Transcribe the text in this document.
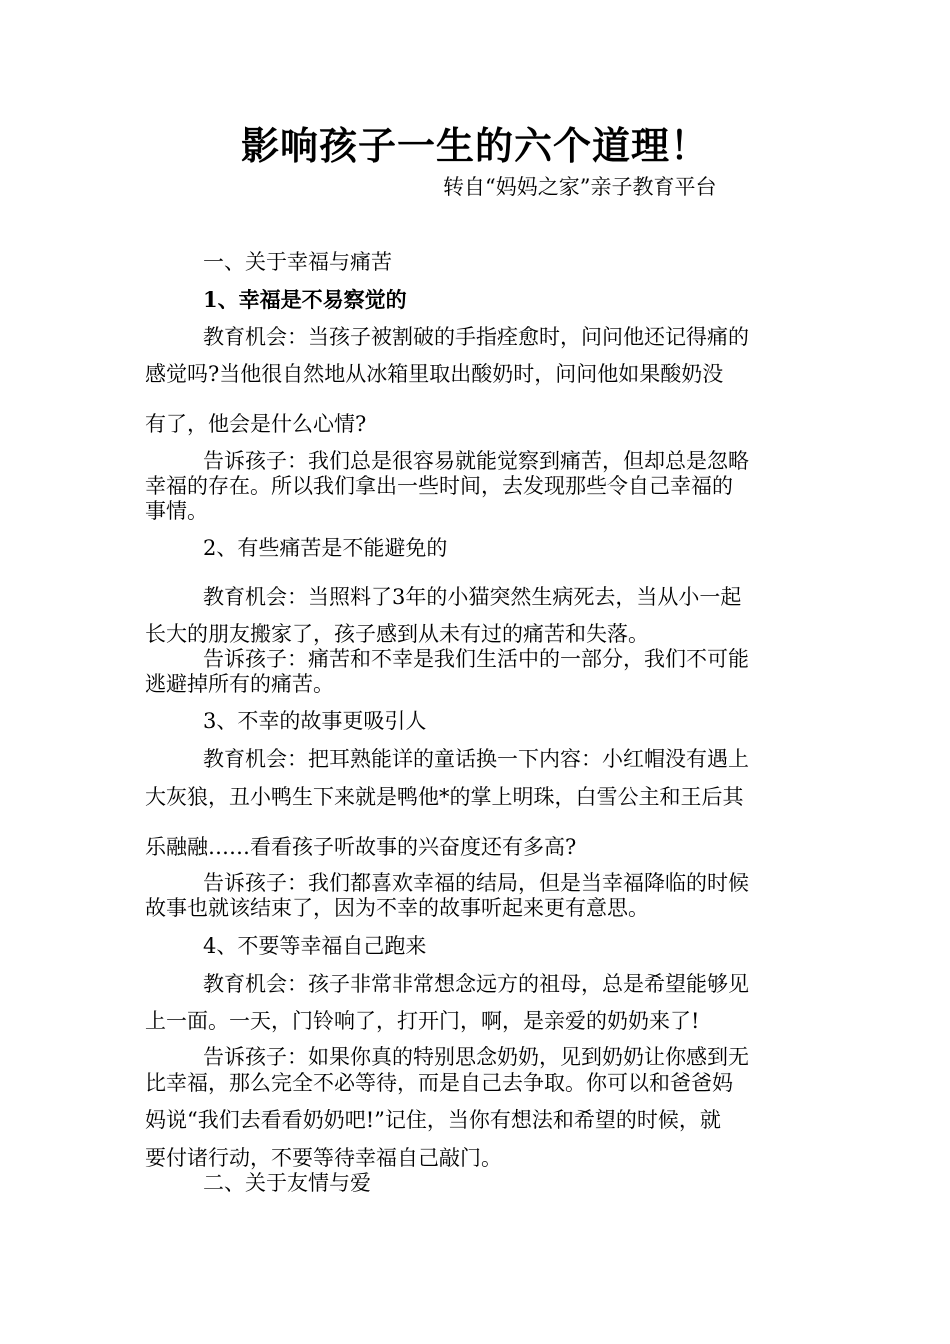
影响孩子一生的六个道理！
转自“妈妈之家”亲子教育平台
一、关于幸福与痛苦
1、幸福是不易察觉的
教育机会：当孩子被割破的手指痊愈时，问问他还记得痛的
感觉吗?当他很自然地从冰箱里取出酸奶时，问问他如果酸奶没
有了，他会是什么心情?
告诉孩子：我们总是很容易就能觉察到痛苦，但却总是忽略
幸福的存在。所以我们拿出一些时间，去发现那些令自己幸福的
事情。
2、有些痛苦是不能避免的
教育机会：当照料了3年的小猫突然生病死去，当从小一起
长大的朋友搬家了，孩子感到从未有过的痛苦和失落。
告诉孩子：痛苦和不幸是我们生活中的一部分，我们不可能
逃避掉所有的痛苦。
3、不幸的故事更吸引人
教育机会：把耳熟能详的童话换一下内容：小红帽没有遇上
大灰狼，丑小鸭生下来就是鸭他*的掌上明珠，白雪公主和王后其
乐融融……看看孩子听故事的兴奋度还有多高?
告诉孩子：我们都喜欢幸福的结局，但是当幸福降临的时候
故事也就该结束了，因为不幸的故事听起来更有意思。
4、不要等幸福自己跑来
教育机会：孩子非常非常想念远方的祖母，总是希望能够见
上一面。一天，门铃响了，打开门，啊，是亲爱的奶奶来了!
告诉孩子：如果你真的特别思念奶奶，见到奶奶让你感到无
比幸福，那么完全不必等待，而是自己去争取。你可以和爸爸妈
妈说“我们去看看奶奶吧!”记住，当你有想法和希望的时候，就
要付诸行动，不要等待幸福自己敲门。
二、关于友情与爱
